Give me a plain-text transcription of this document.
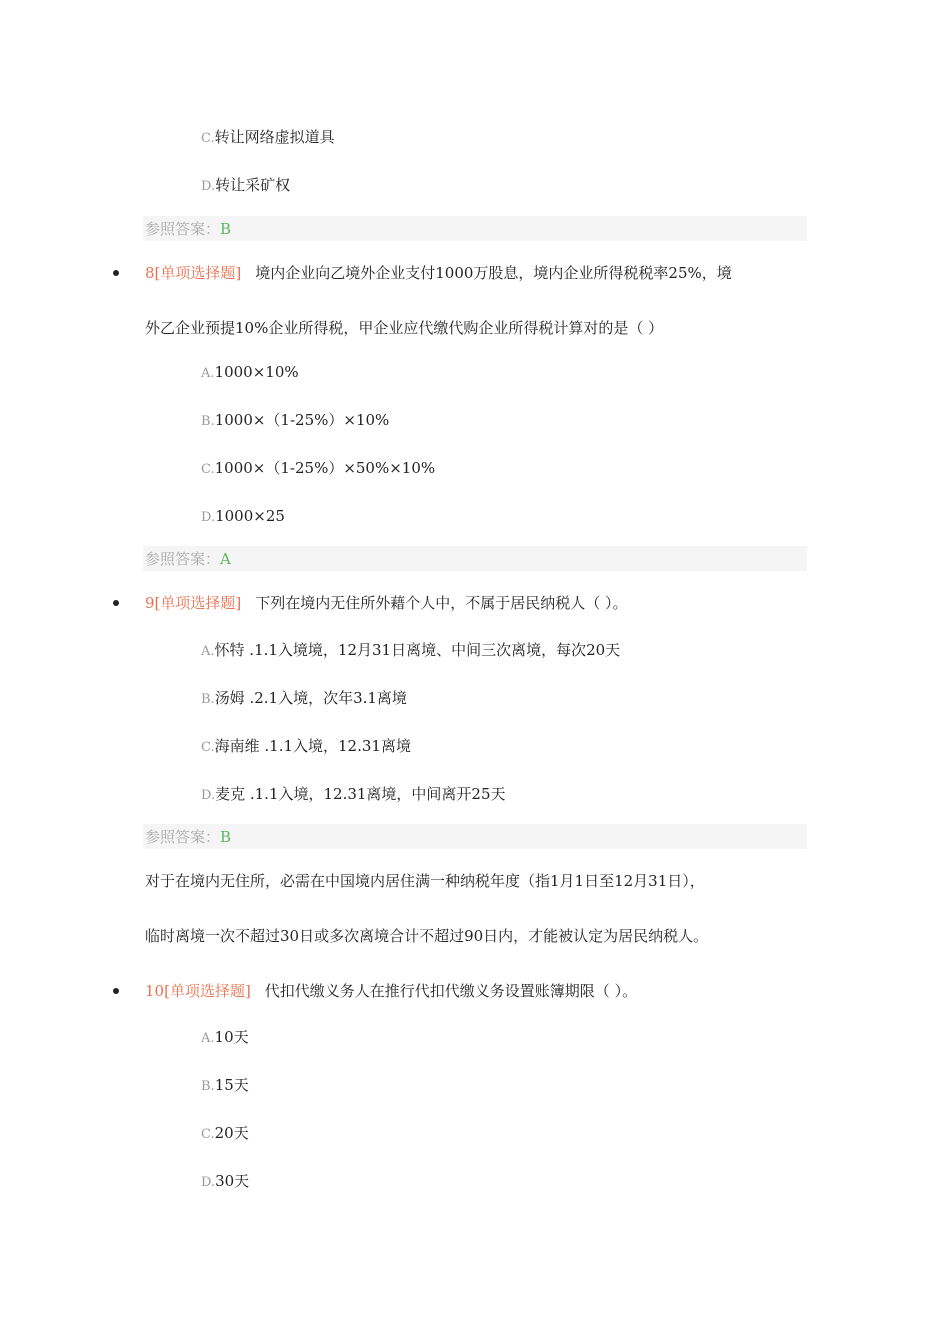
C.转让网络虚拟道具
D.转让采矿权
参照答案：B
8[单项选择题] 境内企业向乙境外企业支付1000万股息，境内企业所得税税率25%，境
外乙企业预提10%企业所得税，甲企业应代缴代购企业所得税计算对的是（ ）
A.1000×10%
B.1000×（1-25%）×10%
C.1000×（1-25%）×50%×10%
D.1000×25
参照答案：A
9[单项选择题] 下列在境内无住所外藉个人中，不属于居民纳税人（ ）。
A.怀特 .1.1入境境，12月31日离境、中间三次离境，每次20天
B.汤姆 .2.1入境，次年3.1离境
C.海南维 .1.1入境，12.31离境
D.麦克 .1.1入境，12.31离境，中间离开25天
参照答案：B
对于在境内无住所，必需在中国境内居住满一种纳税年度（指1月1日至12月31日），
临时离境一次不超过30日或多次离境合计不超过90日内，才能被认定为居民纳税人。
10[单项选择题] 代扣代缴义务人在推行代扣代缴义务设置账簿期限（ ）。
A.10天
B.15天
C.20天
D.30天
